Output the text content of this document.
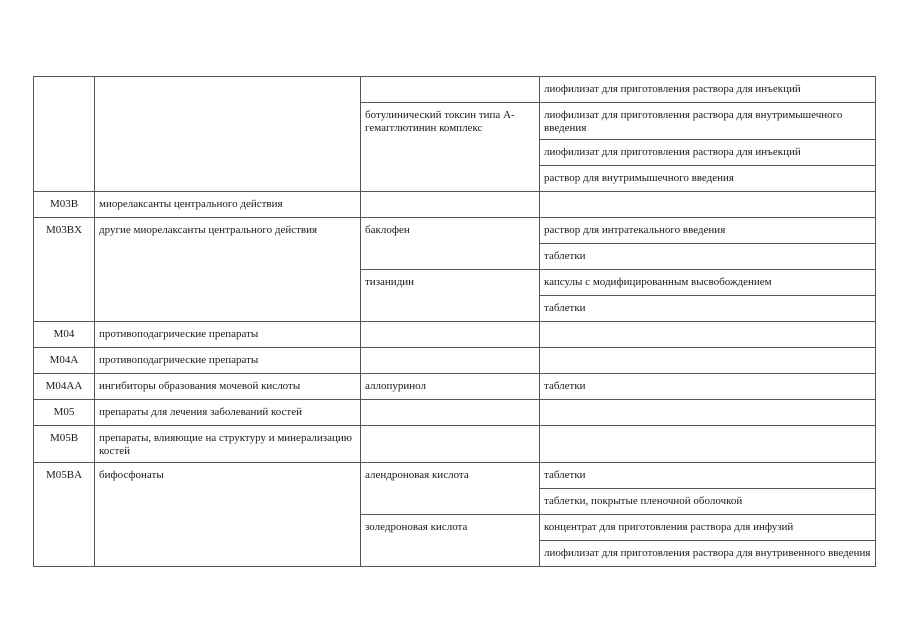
			лиофилизат для приготовления раствора для инъекций
		ботулинический токсин типа А-гемагглютинин комплекс	лиофилизат для приготовления раствора для внутримышечного введения
			лиофилизат для приготовления раствора для инъекций
			раствор для внутримышечного введения
M03B	миорелаксанты центрального действия		
M03BX	другие миорелаксанты центрального действия	баклофен	раствор для интратекального введения
			таблетки
		тизанидин	капсулы с модифицированным высвобождением
			таблетки
M04	противоподагрические препараты		
M04A	противоподагрические препараты		
M04AA	ингибиторы образования мочевой кислоты	аллопуринол	таблетки
M05	препараты для лечения заболеваний костей		
M05B	препараты, влияющие на структуру и минерализацию костей		
M05BA	бифосфонаты	алендроновая кислота	таблетки
			таблетки, покрытые пленочной оболочкой
		золедроновая кислота	концентрат для приготовления раствора для инфузий
			лиофилизат для приготовления раствора для внутривенного введения
